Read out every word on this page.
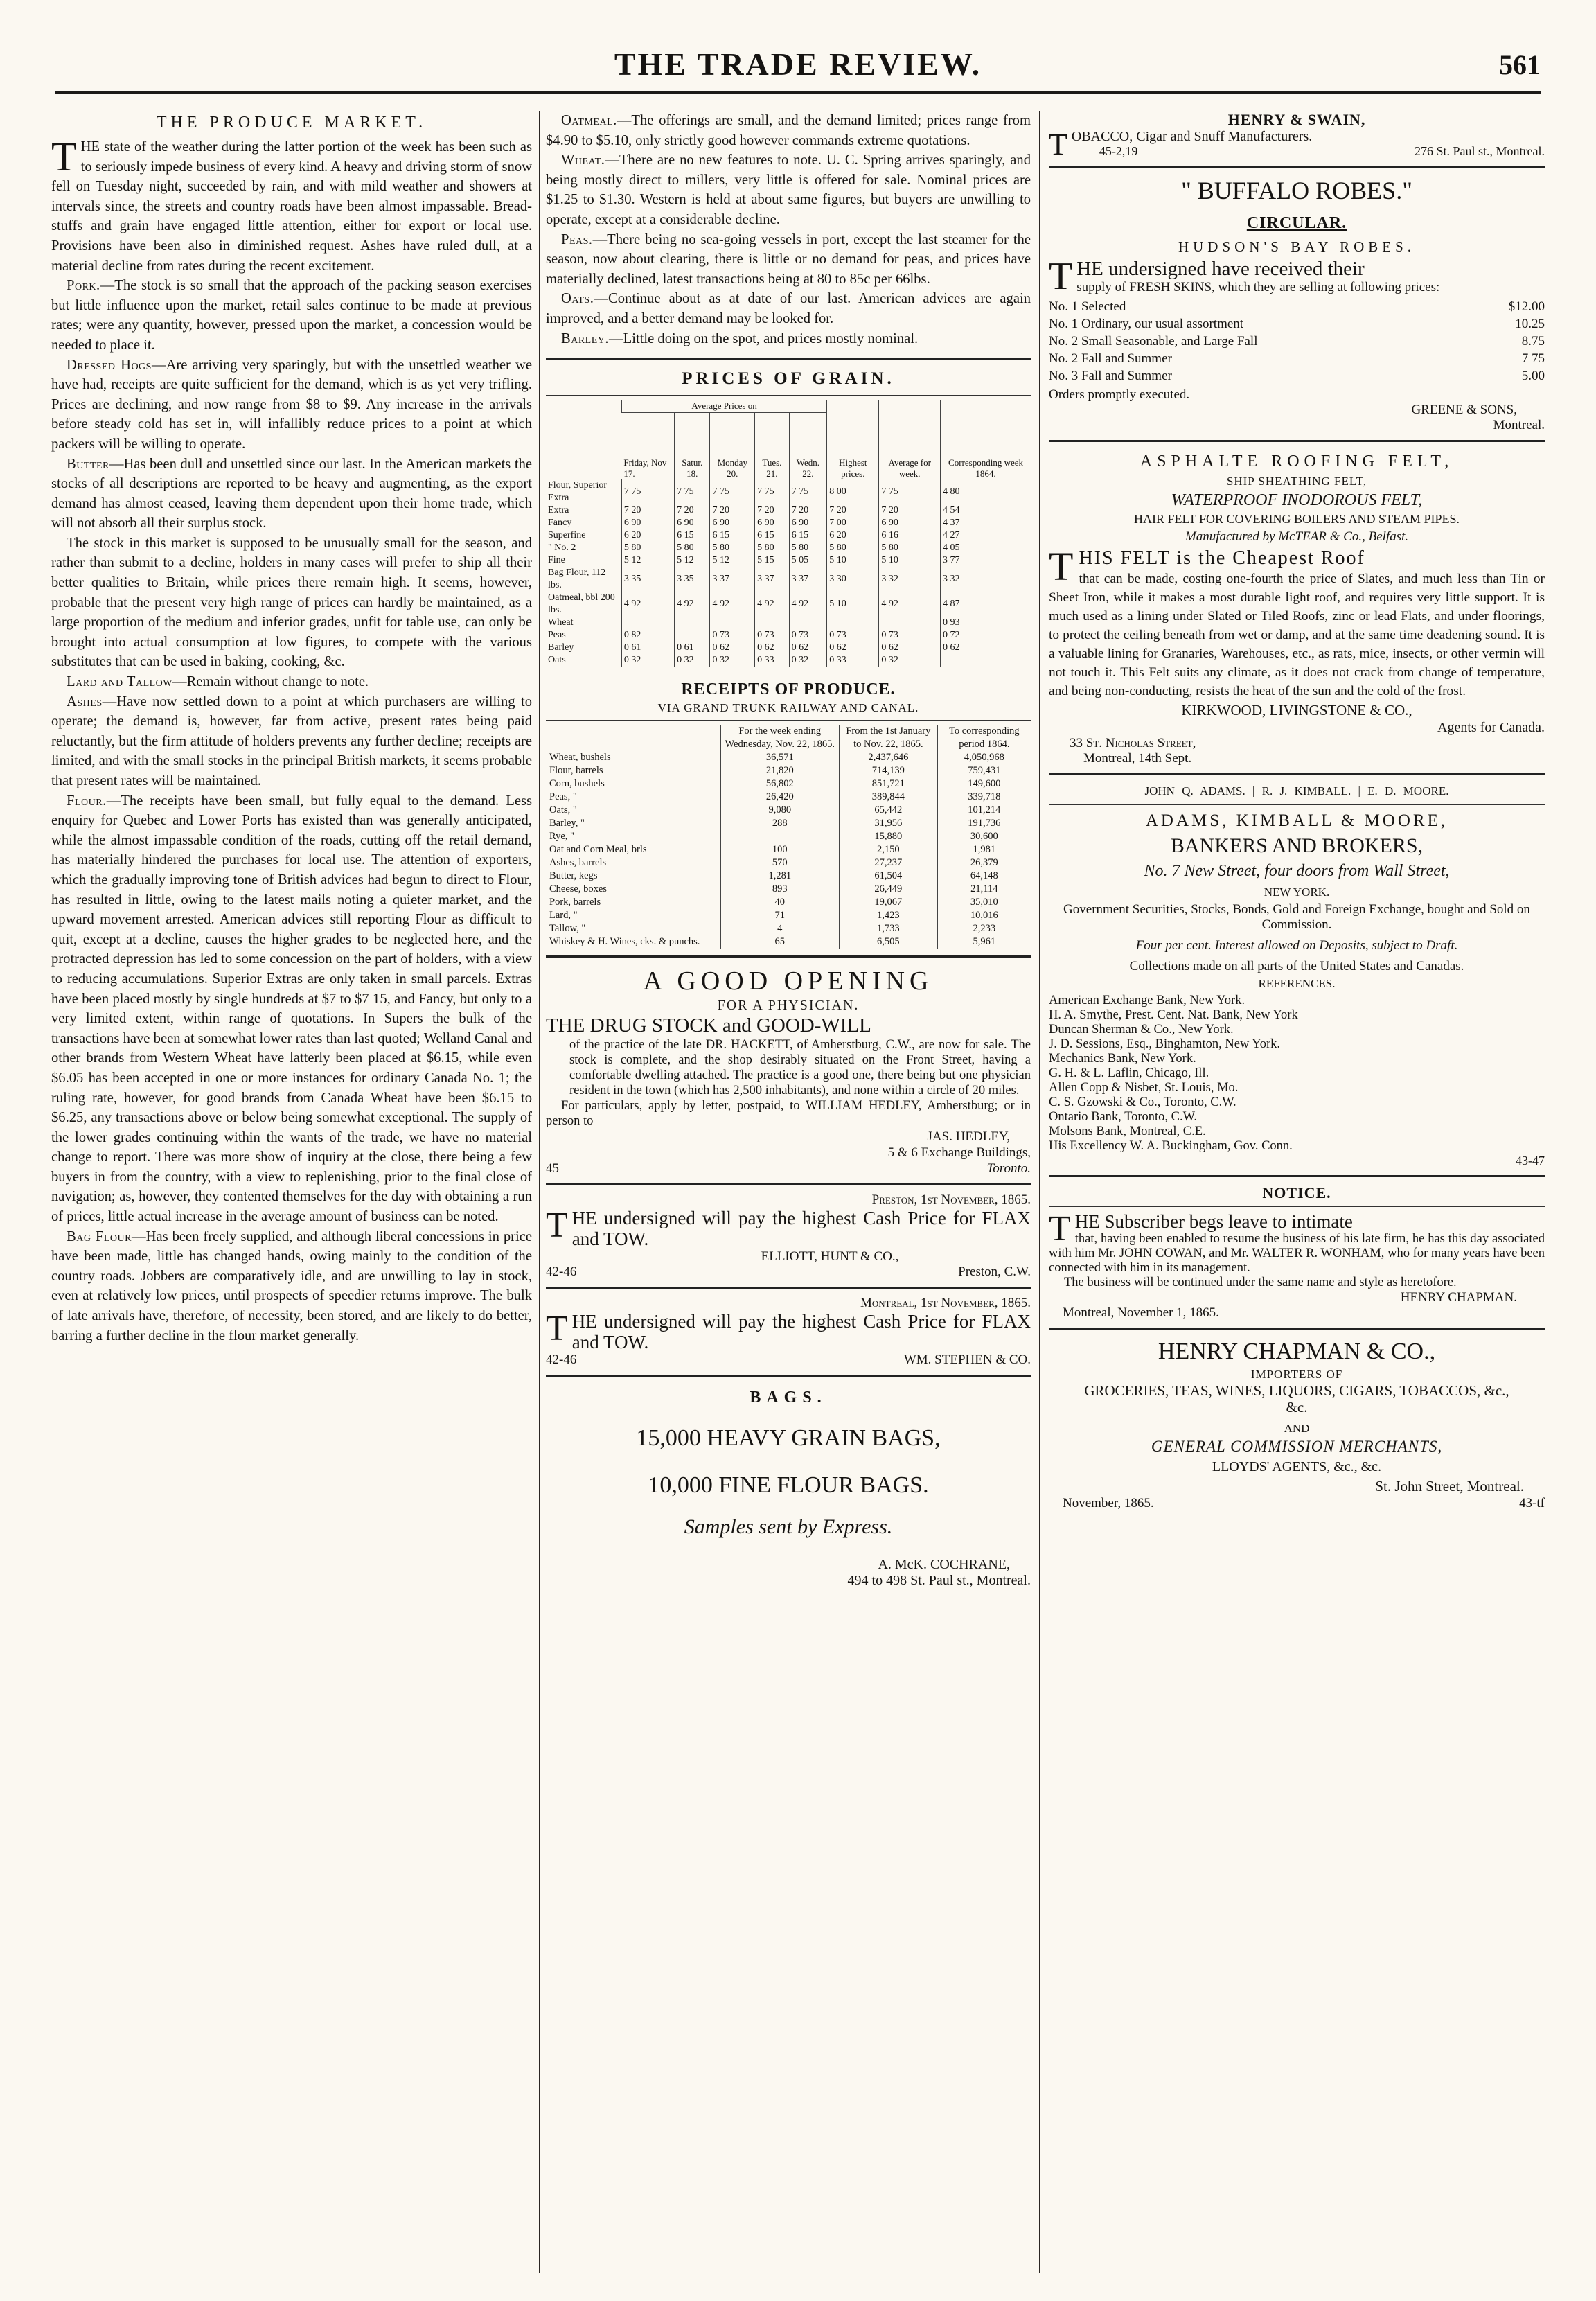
THE TRADE REVIEW.	561
THE PRODUCE MARKET.

THE state of the weather during the latter portion of the week has been such as to seriously impede business of every kind. A heavy and driving storm of snow fell on Tuesday night, succeeded by rain, and with mild weather and showers at intervals since, the streets and country roads have been almost impassable. Bread-stuffs and grain have engaged little attention, either for export or local use. Provisions have been also in diminished request. Ashes have ruled dull, at a material decline from rates during the recent excitement.

Pork.—The stock is so small that the approach of the packing season exercises but little influence upon the market, retail sales continue to be made at previous rates; were any quantity, however, pressed upon the market, a concession would be needed to place it.

Dressed Hogs—Are arriving very sparingly, but with the unsettled weather we have had, receipts are quite sufficient for the demand, which is as yet very trifling. Prices are declining, and now range from $8 to $9. Any increase in the arrivals before steady cold has set in, will infallibly reduce prices to a point at which packers will be willing to operate.

Butter—Has been dull and unsettled since our last. In the American markets the stocks of all descriptions are reported to be heavy and augmenting, as the export demand has almost ceased, leaving them dependent upon their home trade, which will not absorb all their surplus stock.

The stock in this market is supposed to be unusually small for the season, and rather than submit to a decline, holders in many cases will prefer to ship all their better qualities to Britain, while prices there remain high. It seems, however, probable that the present very high range of prices can hardly be maintained, as a large proportion of the medium and inferior grades, unfit for table use, can only be brought into actual consumption at low figures, to compete with the various substitutes that can be used in baking, cooking, &c.

Lard and Tallow—Remain without change to note.

Ashes—Have now settled down to a point at which purchasers are willing to operate; the demand is, however, far from active, present rates being paid reluctantly, but the firm attitude of holders prevents any further decline; receipts are limited, and with the small stocks in the principal British markets, it seems probable that present rates will be maintained.

Flour.—The receipts have been small, but fully equal to the demand. Less enquiry for Quebec and Lower Ports has existed than was generally anticipated, while the almost impassable condition of the roads, cutting off the retail demand, has materially hindered the purchases for local use. The attention of exporters, which the gradually improving tone of British advices had begun to direct to Flour, has resulted in little, owing to the latest mails noting a quieter market, and the upward movement arrested. American advices still reporting Flour as difficult to quit, except at a decline, causes the higher grades to be neglected here, and the protracted depression has led to some concession on the part of holders, with a view to reducing accumulations. Superior Extras are only taken in small parcels. Extras have been placed mostly by single hundreds at $7 to $7 15, and Fancy, but only to a very limited extent, within range of quotations. In Supers the bulk of the transactions have been at somewhat lower rates than last quoted; Welland Canal and other brands from Western Wheat have latterly been placed at $6.15, while even $6.05 has been accepted in one or more instances for ordinary Canada No. 1; the ruling rate, however, for good brands from Canada Wheat have been $6.15 to $6.25, any transactions above or below being somewhat exceptional. The supply of the lower grades continuing within the wants of the trade, we have no material change to report. There was more show of inquiry at the close, there being a few buyers in from the country, with a view to replenishing, prior to the final close of navigation; as, however, they contented themselves for the day with obtaining a run of prices, little actual increase in the average amount of business can be noted.

Bag Flour—Has been freely supplied, and although liberal concessions in price have been made, little has changed hands, owing mainly to the condition of the country roads. Jobbers are comparatively idle, and are unwilling to lay in stock, even at relatively low prices, until prospects of speedier returns improve. The bulk of late arrivals have, therefore, of necessity, been stored, and are likely to do better, barring a further decline in the flour market generally.

Oatmeal.—The offerings are small, and the demand limited; prices range from $4.90 to $5.10, only strictly good however commands extreme quotations.

Wheat.—There are no new features to note. U. C. Spring arrives sparingly, and being mostly direct to millers, very little is offered for sale. Nominal prices are $1.25 to $1.30. Western is held at about same figures, but buyers are unwilling to operate, except at a considerable decline.

Peas.—There being no sea-going vessels in port, except the last steamer for the season, now about clearing, there is little or no demand for peas, and prices have materially declined, latest transactions being at 80 to 85c per 66lbs.

Oats.—Continue about as at date of our last. American advices are again improved, and a better demand may be looked for.

Barley.—Little doing on the spot, and prices mostly nominal.

PRICES OF GRAIN.
	Average Prices on					Highest prices.	Average for week.	Corresponding week 1864.
	Friday, Nov 17.	Satur. 18.	Monday 20.	Tues. 21.	Wedn. 22.			
Flour, Superior Extra	7 75	7 75	7 75	7 75	7 75	8 00	7 75	4 80
Extra	7 20	7 20	7 20	7 20	7 20	7 20	7 20	4 54
Fancy	6 90	6 90	6 90	6 90	6 90	7 00	6 90	4 37
Superfine	6 20	6 15	6 15	6 15	6 15	6 20	6 16	4 27
" No. 2	5 80	5 80	5 80	5 80	5 80	5 80	5 80	4 05
Fine	5 12	5 12	5 12	5 15	5 05	5 10	5 10	3 77
Bag Flour, 112 lbs.	3 35	3 35	3 37	3 37	3 37	3 30	3 32	3 32
Oatmeal, bbl 200 lbs.	4 92	4 92	4 92	4 92	4 92	5 10	4 92	4 87
Wheat								0 93
Peas	0 82		0 73	0 73	0 73	0 73	0 73	0 72
Barley	0 61	0 61	0 62	0 62	0 62	0 62	0 62	0 62
Oats	0 32	0 32	0 32	0 33	0 32	0 33	0 32	
RECEIPTS OF PRODUCE.
VIA GRAND TRUNK RAILWAY AND CANAL.
	For the week ending Wednesday, Nov. 22, 1865.	From the 1st January to Nov. 22, 1865.	To corresponding period 1864.
Wheat, bushels	36,571	2,437,646	4,050,968
Flour, barrels	21,820	714,139	759,431
Corn, bushels	56,802	851,721	149,600
Peas, "	26,420	389,844	339,718
Oats, "	9,080	65,442	101,214
Barley, "	288	31,956	191,736
Rye, "		15,880	30,600
Oat and Corn Meal, brls	100	2,150	1,981
Ashes, barrels	570	27,237	26,379
Butter, kegs	1,281	61,504	64,148
Cheese, boxes	893	26,449	21,114
Pork, barrels	40	19,067	35,010
Lard, "	71	1,423	10,016
Tallow, "	4	1,733	2,233
Whiskey & H. Wines, cks. & punchs.	65	6,505	5,961
A GOOD OPENING
FOR A PHYSICIAN.

THE DRUG STOCK and GOOD-WILL

of the practice of the late DR. HACKETT, of Amherstburg, C.W., are now for sale. The stock is complete, and the shop desirably situated on the Front Street, having a comfortable dwelling attached. The practice is a good one, there being but one physician resident in the town (which has 2,500 inhabitants), and none within a circle of 20 miles.

For particulars, apply by letter, postpaid, to WILLIAM HEDLEY, Amherstburg; or in person to

JAS. HEDLEY,
5 & 6 Exchange Buildings,
45	Toronto.
Preston, 1st November, 1865.

THE undersigned will pay the highest Cash Price for FLAX and TOW.

ELLIOTT, HUNT & CO.,
42-46	Preston, C.W.
Montreal, 1st November, 1865.

THE undersigned will pay the highest Cash Price for FLAX and TOW.

42-46	WM. STEPHEN & CO.
BAGS.
15,000 HEAVY GRAIN BAGS,
10,000 FINE FLOUR BAGS.
Samples sent by Express.
A. McK. COCHRANE,
494 to 498 St. Paul st., Montreal.
HENRY & SWAIN,

TOBACCO, Cigar and Snuff Manufacturers.

45-2,19	276 St. Paul st., Montreal.
" BUFFALO ROBES."
CIRCULAR.
HUDSON'S BAY ROBES.

THE undersigned have received their

supply of FRESH SKINS, which they are selling at following prices:—

No. 1 Selected	$12.00
No. 1 Ordinary, our usual assortment	10.25
No. 2 Small Seasonable, and Large Fall	8.75
No. 2 Fall and Summer	7 75
No. 3 Fall and Summer	5.00
Orders promptly executed.
GREENE & SONS,
Montreal.
ASPHALTE ROOFING FELT,
SHIP SHEATHING FELT,
WATERPROOF INODOROUS FELT,
HAIR FELT FOR COVERING BOILERS AND STEAM PIPES.
Manufactured by McTEAR & Co., Belfast.

THIS FELT is the Cheapest Roof

that can be made, costing one-fourth the price of Slates, and much less than Tin or Sheet Iron, while it makes a most durable light roof, and requires very little support. It is much used as a lining under Slated or Tiled Roofs, zinc or lead Flats, and under floorings, to protect the ceiling beneath from wet or damp, and at the same time deadening sound. It is a valuable lining for Granaries, Warehouses, etc., as rats, mice, insects, or other vermin will not touch it. This Felt suits any climate, as it does not crack from change of temperature, and being non-conducting, resists the heat of the sun and the cold of the frost.

KIRKWOOD, LIVINGSTONE & CO.,
Agents for Canada.
33 St. Nicholas Street,
Montreal, 14th Sept.
JOHN Q. ADAMS. | R. J. KIMBALL. | E. D. MOORE.
ADAMS, KIMBALL & MOORE,
BANKERS AND BROKERS,
No. 7 New Street, four doors from Wall Street,
NEW YORK.

Government Securities, Stocks, Bonds, Gold and Foreign Exchange, bought and Sold on Commission.

Four per cent. Interest allowed on Deposits, subject to Draft.

Collections made on all parts of the United States and Canadas.

REFERENCES.
American Exchange Bank, New York.
H. A. Smythe, Prest. Cent. Nat. Bank, New York
Duncan Sherman & Co., New York.
J. D. Sessions, Esq., Binghamton, New York.
Mechanics Bank, New York.
G. H. & L. Laflin, Chicago, Ill.
Allen Copp & Nisbet, St. Louis, Mo.
C. S. Gzowski & Co., Toronto, C.W.
Ontario Bank, Toronto, C.W.
Molsons Bank, Montreal, C.E.
His Excellency W. A. Buckingham, Gov. Conn.
43-47
NOTICE.

THE Subscriber begs leave to intimate

that, having been enabled to resume the business of his late firm, he has this day associated with him Mr. JOHN COWAN, and Mr. WALTER R. WONHAM, who for many years have been connected with him in its management.

The business will be continued under the same name and style as heretofore.

HENRY CHAPMAN.
Montreal, November 1, 1865.
HENRY CHAPMAN & CO.,
IMPORTERS OF
GROCERIES, TEAS, WINES, LIQUORS, CIGARS, TOBACCOS, &c., &c.
AND
GENERAL COMMISSION MERCHANTS,
LLOYDS' AGENTS, &c., &c.
St. John Street, Montreal.
November, 1865.	43-tf
